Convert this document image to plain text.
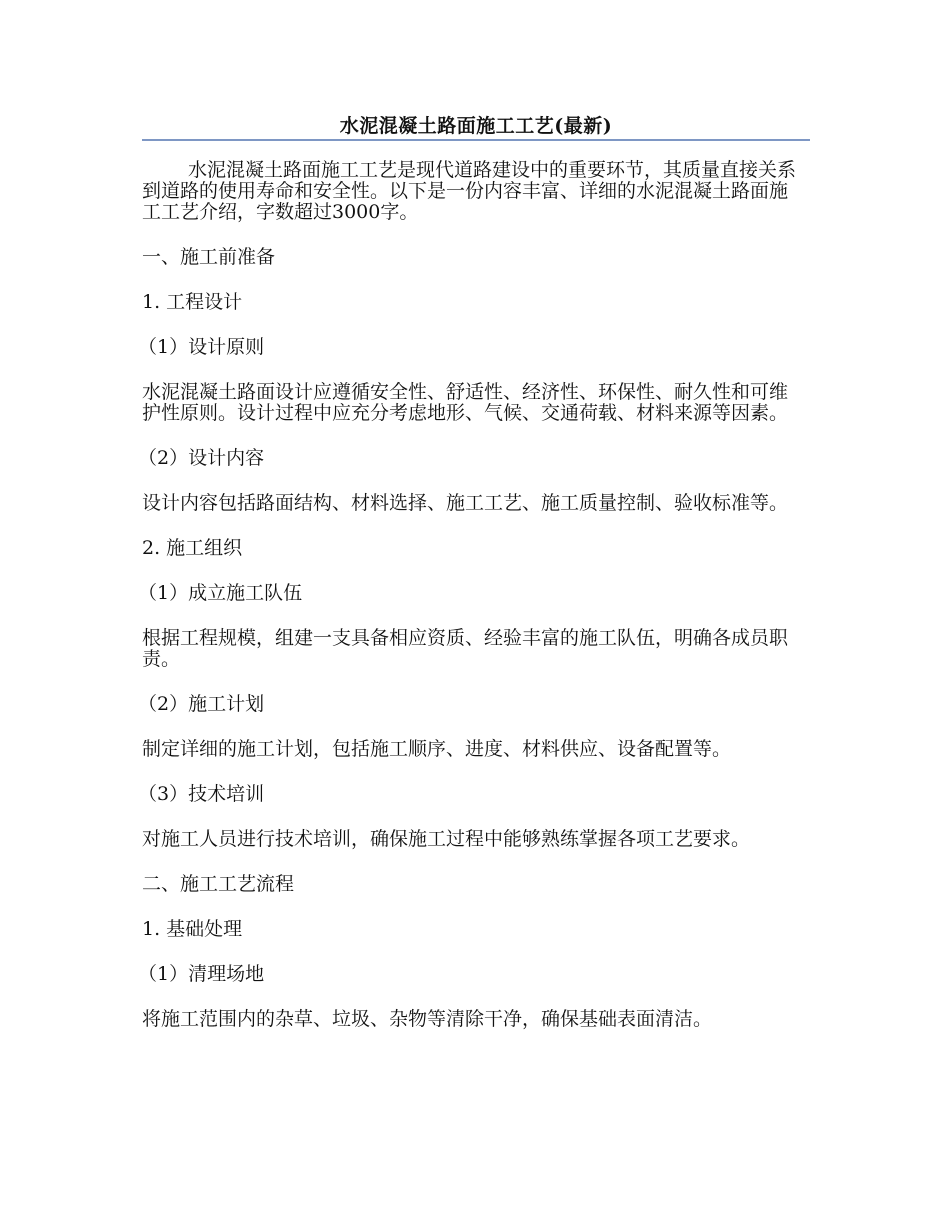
水泥混凝土路面施工工艺(最新)

水泥混凝土路面施工工艺是现代道路建设中的重要环节，其质量直接关系到道路的使用寿命和安全性。以下是一份内容丰富、详细的水泥混凝土路面施工工艺介绍，字数超过3000字。

一、施工前准备

1. 工程设计

（1）设计原则

水泥混凝土路面设计应遵循安全性、舒适性、经济性、环保性、耐久性和可维护性原则。设计过程中应充分考虑地形、气候、交通荷载、材料来源等因素。

（2）设计内容

设计内容包括路面结构、材料选择、施工工艺、施工质量控制、验收标准等。

2. 施工组织

（1）成立施工队伍

根据工程规模，组建一支具备相应资质、经验丰富的施工队伍，明确各成员职责。

（2）施工计划

制定详细的施工计划，包括施工顺序、进度、材料供应、设备配置等。

（3）技术培训

对施工人员进行技术培训，确保施工过程中能够熟练掌握各项工艺要求。

二、施工工艺流程

1. 基础处理

（1）清理场地

将施工范围内的杂草、垃圾、杂物等清除干净，确保基础表面清洁。
